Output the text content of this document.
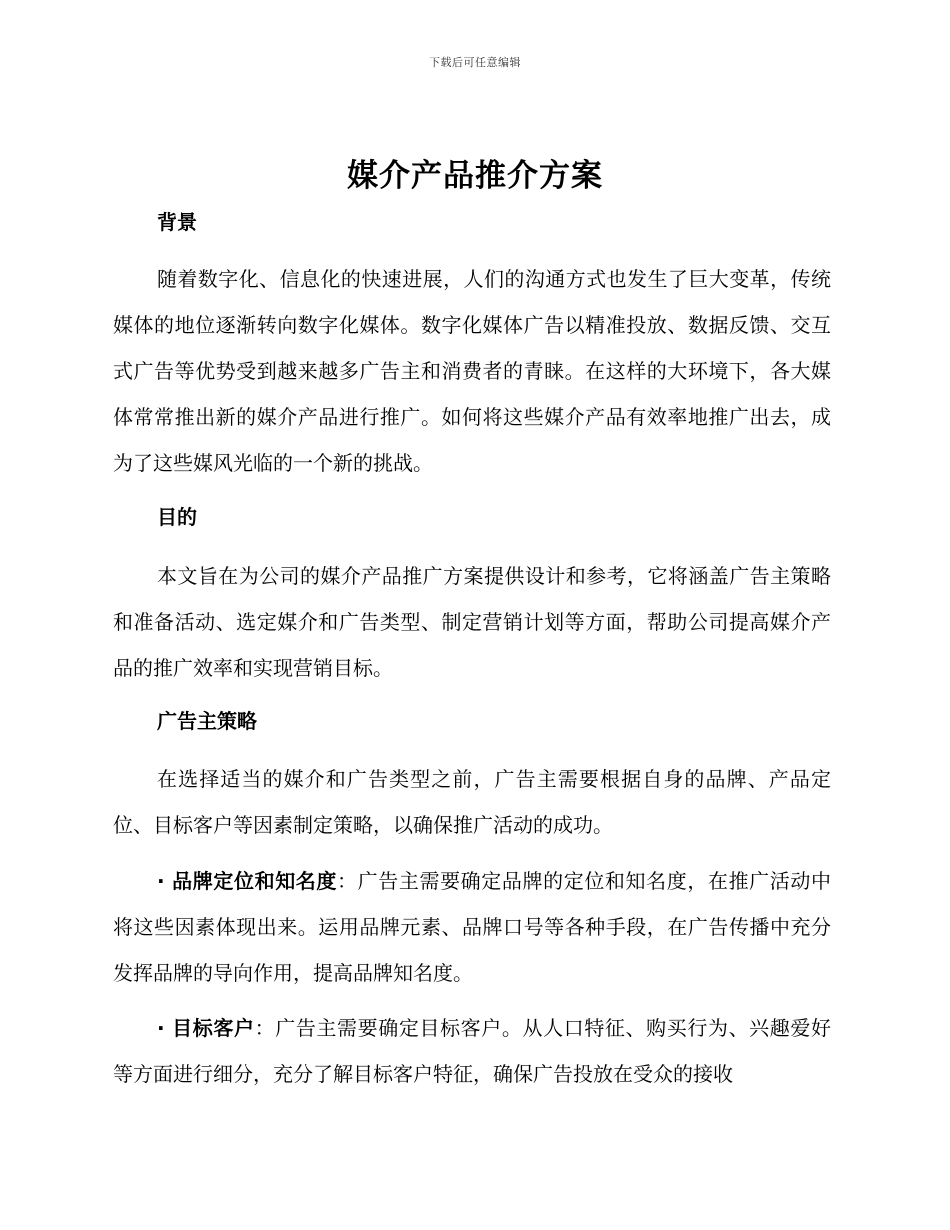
下载后可任意编辑
媒介产品推介方案
背景
随着数字化、信息化的快速进展，人们的沟通方式也发生了巨大变革，传统媒体的地位逐渐转向数字化媒体。数字化媒体广告以精准投放、数据反馈、交互式广告等优势受到越来越多广告主和消费者的青睐。在这样的大环境下，各大媒体常常推出新的媒介产品进行推广。如何将这些媒介产品有效率地推广出去，成为了这些媒风光临的一个新的挑战。
目的
本文旨在为公司的媒介产品推广方案提供设计和参考，它将涵盖广告主策略和准备活动、选定媒介和广告类型、制定营销计划等方面，帮助公司提高媒介产品的推广效率和实现营销目标。
广告主策略
在选择适当的媒介和广告类型之前，广告主需要根据自身的品牌、产品定位、目标客户等因素制定策略，以确保推广活动的成功。
· 品牌定位和知名度：广告主需要确定品牌的定位和知名度，在推广活动中将这些因素体现出来。运用品牌元素、品牌口号等各种手段，在广告传播中充分发挥品牌的导向作用，提高品牌知名度。
· 目标客户：广告主需要确定目标客户。从人口特征、购买行为、兴趣爱好等方面进行细分，充分了解目标客户特征，确保广告投放在受众的接收
